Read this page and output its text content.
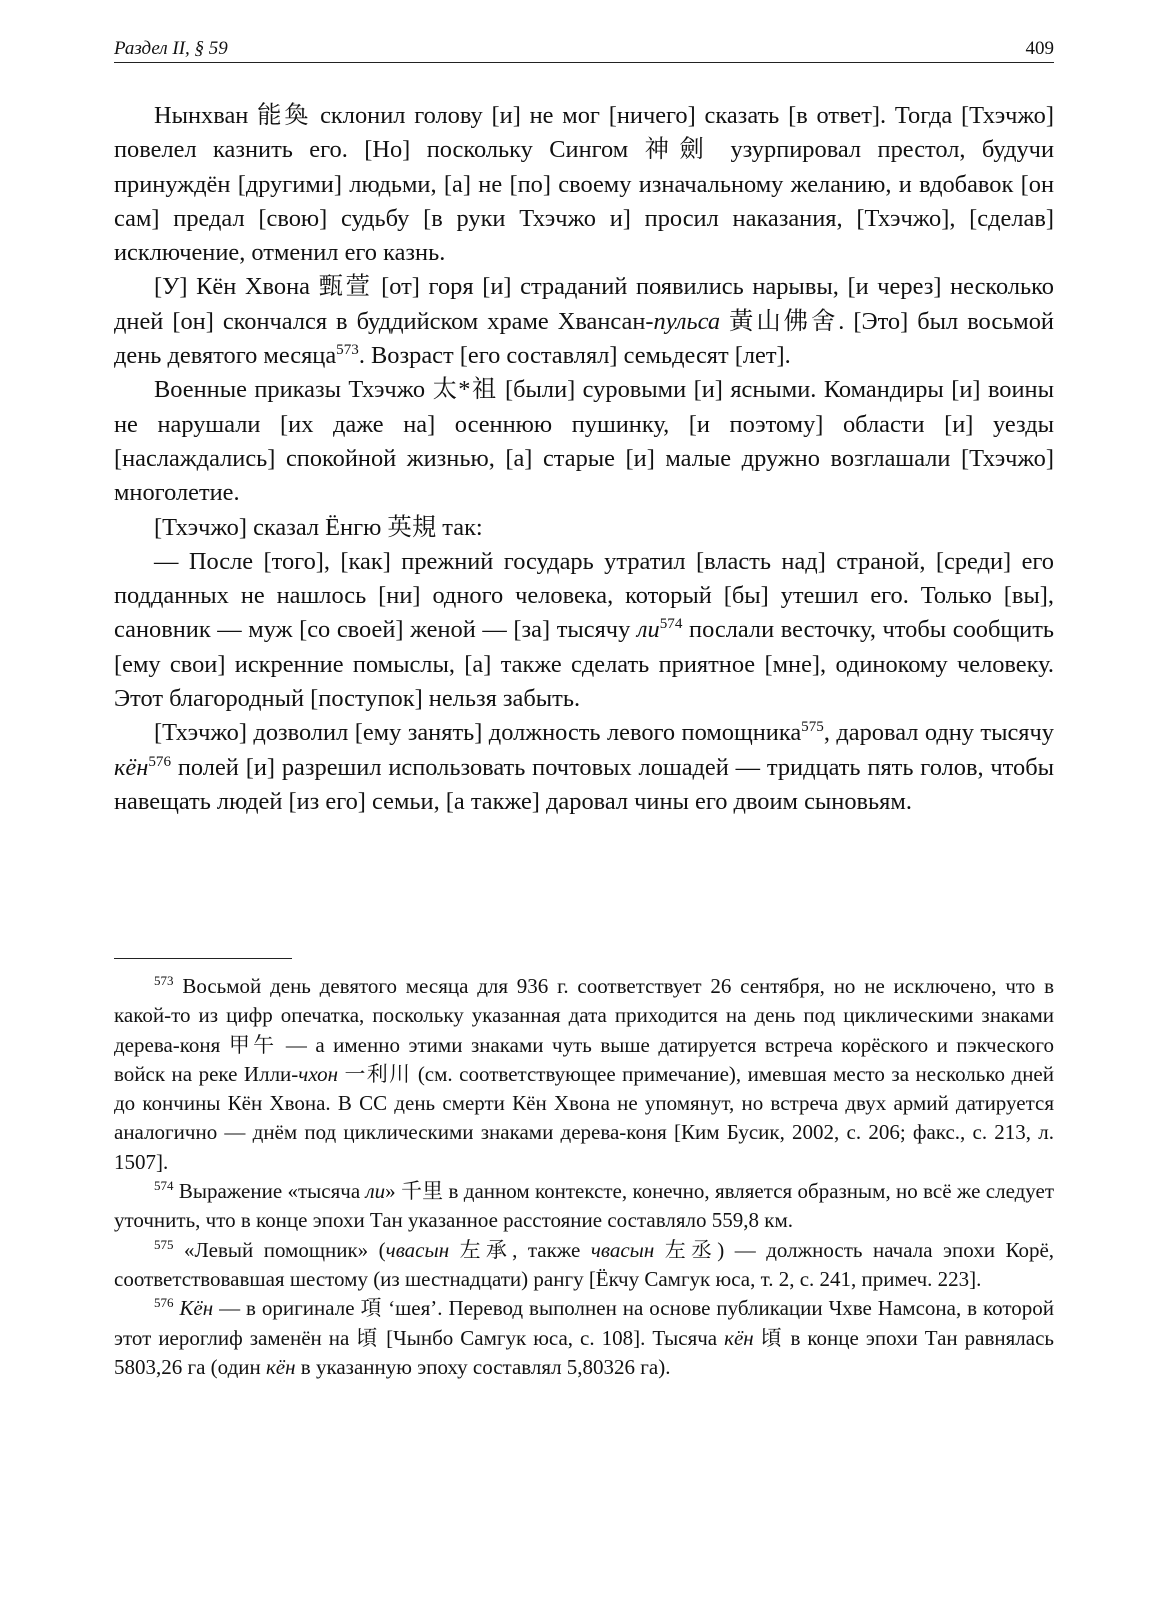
Раздел II, § 59	409

Нынхван 能奐 склонил голову [и] не мог [ничего] сказать [в ответ]. Тогда [Тхэчжо] повелел казнить его. [Но] поскольку Сингом 神劍 узурпировал престол, будучи принуждён [другими] людьми, [а] не [по] своему изначальному желанию, и вдобавок [он сам] предал [свою] судьбу [в руки Тхэчжо и] просил наказания, [Тхэчжо], [сделав] исключение, отменил его казнь.

[У] Кён Хвона 甄萱 [от] горя [и] страданий появились нарывы, [и через] несколько дней [он] скончался в буддийском храме Хвансан-пульса 黃山佛舍. [Это] был восьмой день девятого месяца$^{573}$. Возраст [его составлял] семьдесят [лет].

Военные приказы Тхэчжо 太*祖 [были] суровыми [и] ясными. Командиры [и] воины не нарушали [их даже на] осеннюю пушинку, [и поэтому] области [и] уезды [наслаждались] спокойной жизнью, [а] старые [и] малые дружно возглашали [Тхэчжо] многолетие.

[Тхэчжо] сказал Ёнгю 英規 так:

— После [того], [как] прежний государь утратил [власть над] страной, [среди] его подданных не нашлось [ни] одного человека, который [бы] утешил его. Только [вы], сановник — муж [со своей] женой — [за] тысячу ли$^{574}$ послали весточку, чтобы сообщить [ему свои] искренние помыслы, [а] также сделать приятное [мне], одинокому человеку. Этот благородный [поступок] нельзя забыть.

[Тхэчжо] дозволил [ему занять] должность левого помощника$^{575}$, даровал одну тысячу кён$^{576}$ полей [и] разрешил использовать почтовых лошадей — тридцать пять голов, чтобы навещать людей [из его] семьи, [а также] даровал чины его двоим сыновьям.

$^{573}$ Восьмой день девятого месяца для 936 г. соответствует 26 сентября, но не исключено, что в какой-то из цифр опечатка, поскольку указанная дата приходится на день под циклическими знаками дерева-коня 甲午 — а именно этими знаками чуть выше датируется встреча корёского и пэкческого войск на реке Илли-чхон 一利川 (см. соответствующее примечание), имевшая место за несколько дней до кончины Кён Хвона. В СС день смерти Кён Хвона не упомянут, но встреча двух армий датируется аналогично — днём под циклическими знаками дерева-коня [Ким Бусик, 2002, с. 206; факс., с. 213, л. 1507].

$^{574}$ Выражение «тысяча ли» 千里 в данном контексте, конечно, является образным, но всё же следует уточнить, что в конце эпохи Тан указанное расстояние составляло 559,8 км.

$^{575}$ «Левый помощник» (чвасын 左承, также чвасын 左丞) — должность начала эпохи Корё, соответствовавшая шестому (из шестнадцати) рангу [Ёкчу Самгук юса, т. 2, с. 241, примеч. 223].

$^{576}$ Кён — в оригинале 項 ‘шея’. Перевод выполнен на основе публикации Чхве Намсона, в которой этот иероглиф заменён на 頃 [Чынбо Самгук юса, с. 108]. Тысяча кён 頃 в конце эпохи Тан равнялась 5803,26 га (один кён в указанную эпоху составлял 5,80326 га).
